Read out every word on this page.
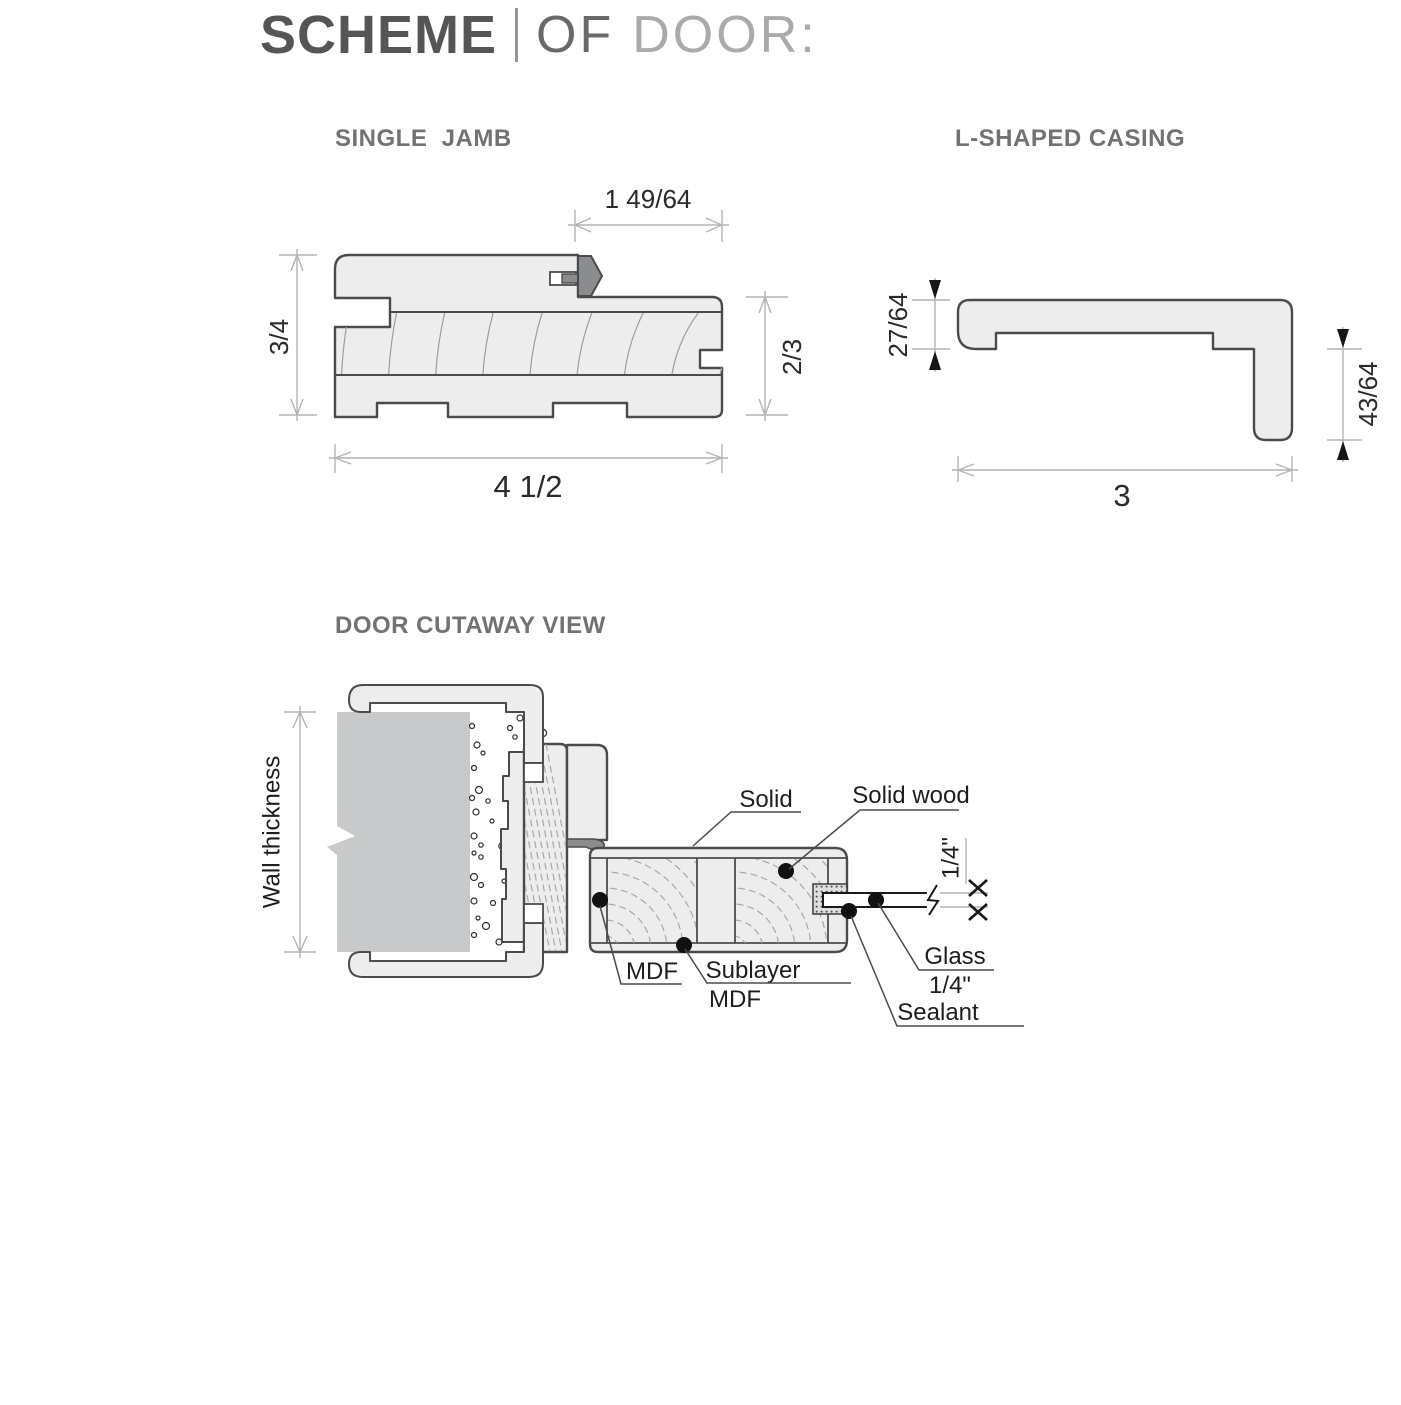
SCHEME OF DOOR:
SINGLE  JAMB	L-SHAPED CASING
DOOR CUTAWAY VIEW
1 49/64
3/4
2/3
4 1/2
27/64
43/64
3
1/4"
Wall thickness	Solid Solid wood
MDF Sublayer
MDF
Glass
1/4"
Sealant
